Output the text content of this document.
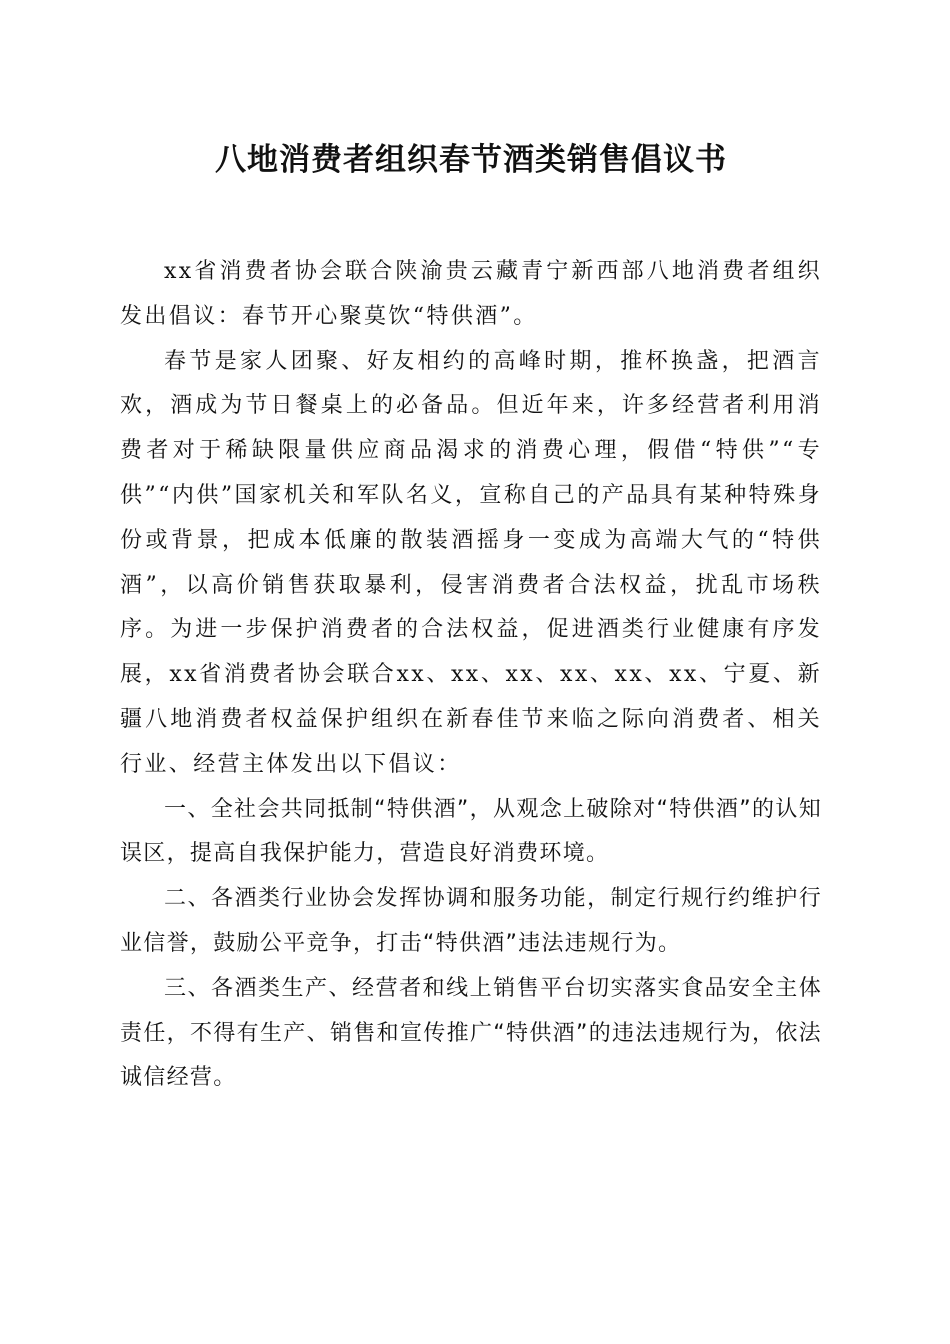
八地消费者组织春节酒类销售倡议书

xx省消费者协会联合陕渝贵云藏青宁新西部八地消费者组织发出倡议：春节开心聚莫饮“特供酒”。

春节是家人团聚、好友相约的高峰时期，推杯换盏，把酒言欢，酒成为节日餐桌上的必备品。但近年来，许多经营者利用消费者对于稀缺限量供应商品渴求的消费心理，假借“特供”“专供”“内供”国家机关和军队名义，宣称自己的产品具有某种特殊身份或背景，把成本低廉的散装酒摇身一变成为高端大气的“特供酒”，以高价销售获取暴利，侵害消费者合法权益，扰乱市场秩序。为进一步保护消费者的合法权益，促进酒类行业健康有序发展，xx省消费者协会联合xx、xx、xx、xx、xx、xx、宁夏、新疆八地消费者权益保护组织在新春佳节来临之际向消费者、相关行业、经营主体发出以下倡议：

一、全社会共同抵制“特供酒”，从观念上破除对“特供酒”的认知误区，提高自我保护能力，营造良好消费环境。

二、各酒类行业协会发挥协调和服务功能，制定行规行约维护行业信誉，鼓励公平竞争，打击“特供酒”违法违规行为。

三、各酒类生产、经营者和线上销售平台切实落实食品安全主体责任，不得有生产、销售和宣传推广“特供酒”的违法违规行为，依法诚信经营。
